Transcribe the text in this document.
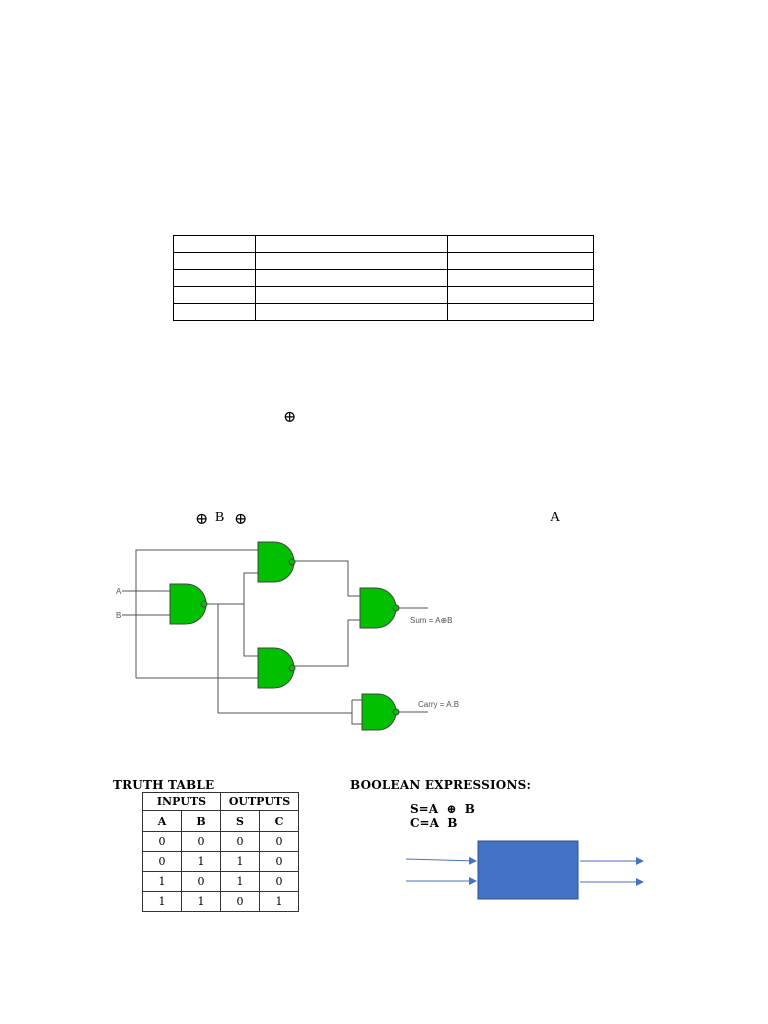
⊕
⊕ B ⊕	A
A
B
Sum = A⊕B
Carry = A.B
TRUTH TABLE
INPUTS		OUTPUTS	
A	B	S	C
0	0	0	0
0	1	1	0
1	0	1	0
1	1	0	1
BOOLEAN EXPRESSIONS:
S=A  ⊕  B
C=A  B
